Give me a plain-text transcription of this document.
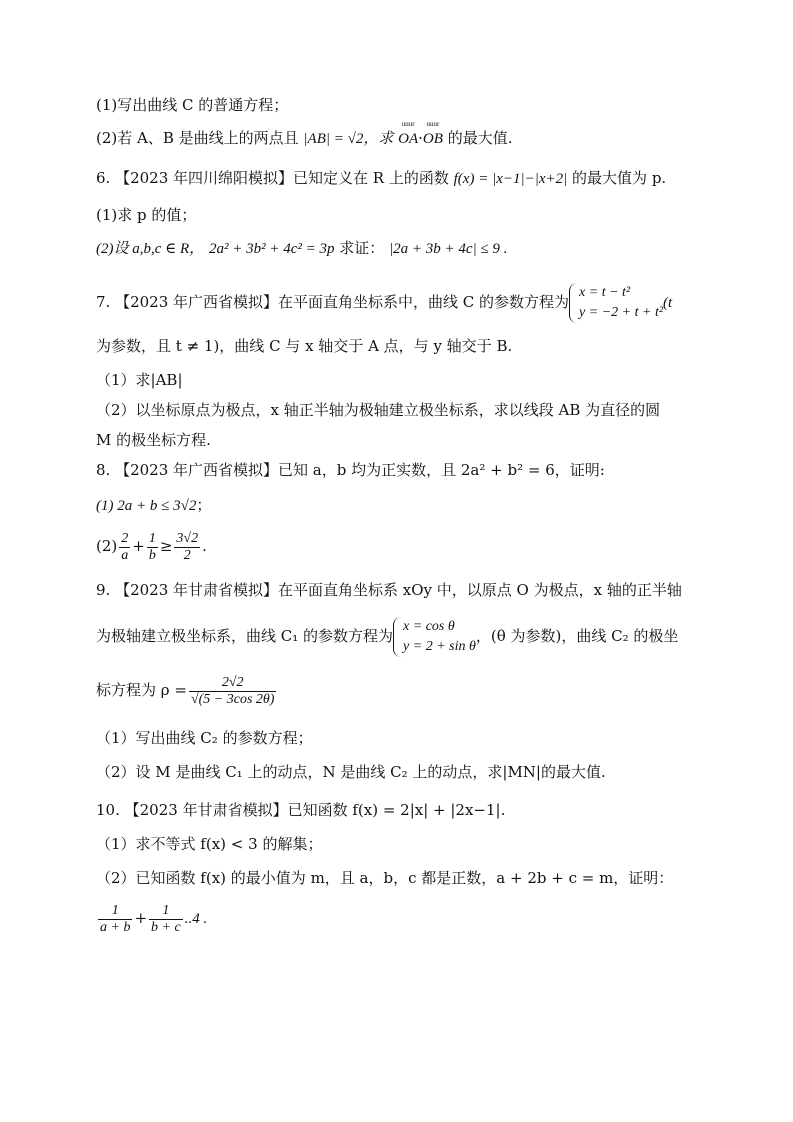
(1)写出曲线 C 的普通方程；
(2)若 A、B 是曲线上的两点且 |AB| = √2，求
uuur
OA·
uuur
OB 的最大值.
6. 【2023 年四川绵阳模拟】已知定义在 R 上的函数 f(x) = |x−1|−|x+2| 的最大值为 p.
(1)求 p 的值；
(2)设 a,b,c ∈ R， 2a² + 3b² + 4c² = 3p 求证： |2a + 3b + 4c| ≤ 9 .
7. 【2023 年广西省模拟】在平面直角坐标系中，曲线 C 的参数方程为
x = t − t²
y = −2 + t + t²
(t
为参数，且 t ≠ 1)，曲线 C 与 x 轴交于 A 点，与 y 轴交于 B.
（1）求|AB|
（2）以坐标原点为极点，x 轴正半轴为极轴建立极坐标系，求以线段 AB 为直径的圆
M 的极坐标方程.
8. 【2023 年广西省模拟】已知 a，b 均为正实数，且 2a² + b² = 6，证明:
(1) 2a + b ≤ 3√2；
$(2) \frac{2}{a} + \frac{1}{b} \ge \frac{3√2}{2}$ .
9. 【2023 年甘肃省模拟】在平面直角坐标系 xOy 中，以原点 O 为极点，x 轴的正半轴
为极轴建立极坐标系，曲线 C₁ 的参数方程为
x = cos θ
y = 2 + sin θ
，(θ 为参数)，曲线 C₂ 的极坐
标方程为 $\rho = \frac{2√2}{√(5 - 3\cos 2\theta)}$
（1）写出曲线 C₂ 的参数方程；
（2）设 M 是曲线 C₁ 上的动点，N 是曲线 C₂ 上的动点，求|MN|的最大值.
10. 【2023 年甘肃省模拟】已知函数 f(x) = 2|x| + |2x−1|.
（1）求不等式 f(x) < 3 的解集；
（2）已知函数 f(x) 的最小值为 m，且 a，b，c 都是正数，a + 2b + c = m，证明：
$\frac{1}{a + b} + \frac{1}{b + c} ..4$ .
